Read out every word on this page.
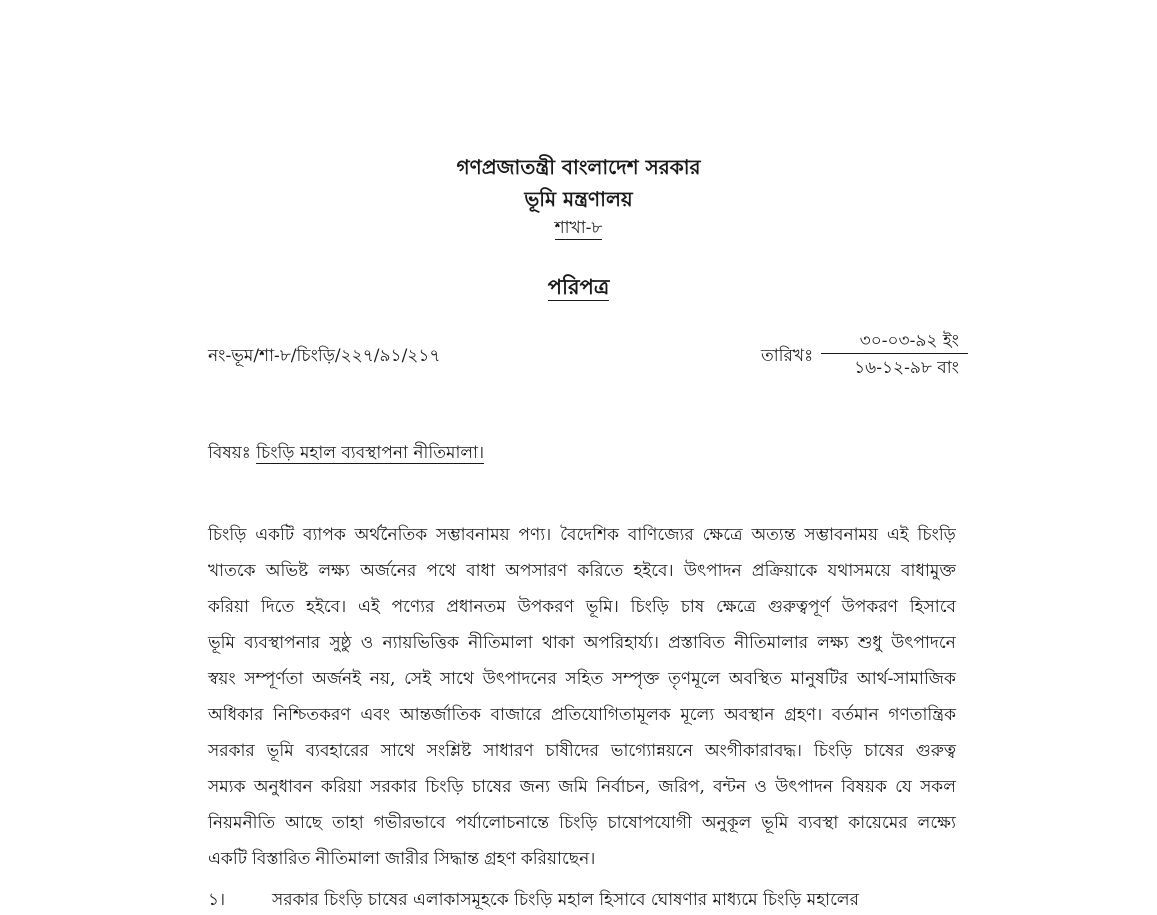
গণপ্রজাতন্ত্রী বাংলাদেশ সরকার
ভূমি মন্ত্রণালয়
শাখা-৮
পরিপত্র
নং-ভূম/শা-৮/চিংড়ি/২২৭/৯১/২১৭	তারিখঃ
৩০-০৩-৯২ ইং
১৬-১২-৯৮ বাং
বিষয়ঃ চিংড়ি মহাল ব্যবস্থাপনা নীতিমালা।
চিংড়ি একটি ব্যাপক অর্থনৈতিক সম্ভাবনাময় পণ্য। বৈদেশিক বাণিজ্যের ক্ষেত্রে অত্যন্ত সম্ভাবনাময় এই চিংড়ি
খাতকে অভিষ্ট লক্ষ্য অর্জনের পথে বাধা অপসারণ করিতে হইবে। উৎপাদন প্রক্রিয়াকে যথাসময়ে বাধামুক্ত
করিয়া দিতে হইবে। এই পণ্যের প্রধানতম উপকরণ ভূমি। চিংড়ি চাষ ক্ষেত্রে গুরুত্বপূর্ণ উপকরণ হিসাবে
ভূমি ব্যবস্থাপনার সুষ্ঠু ও ন্যায়ভিত্তিক নীতিমালা থাকা অপরিহার্য্য। প্রস্তাবিত নীতিমালার লক্ষ্য শুধু উৎপাদনে
স্বয়ং সম্পূর্ণতা অর্জনই নয়, সেই সাথে উৎপাদনের সহিত সম্পৃক্ত তৃণমূলে অবস্থিত মানুষটির আর্থ-সামাজিক
অধিকার নিশ্চিতকরণ এবং আন্তর্জাতিক বাজারে প্রতিযোগিতামূলক মূল্যে অবস্থান গ্রহণ। বর্তমান গণতান্ত্রিক
সরকার ভূমি ব্যবহারের সাথে সংশ্লিষ্ট সাধারণ চাষীদের ভাগ্যোন্নয়নে অংগীকারাবদ্ধ। চিংড়ি চাষের গুরুত্ব
সম্যক অনুধাবন করিয়া সরকার চিংড়ি চাষের জন্য জমি নির্বাচন, জরিপ, বন্টন ও উৎপাদন বিষয়ক যে সকল
নিয়মনীতি আছে তাহা গভীরভাবে পর্যালোচনান্তে চিংড়ি চাষোপযোগী অনুকূল ভূমি ব্যবস্থা কায়েমের লক্ষ্যে
একটি বিস্তারিত নীতিমালা জারীর সিদ্ধান্ত গ্রহণ করিয়াছেন।
১।	সরকার চিংড়ি চাষের এলাকাসমূহকে চিংড়ি মহাল হিসাবে ঘোষণার মাধ্যমে চিংড়ি মহালের
